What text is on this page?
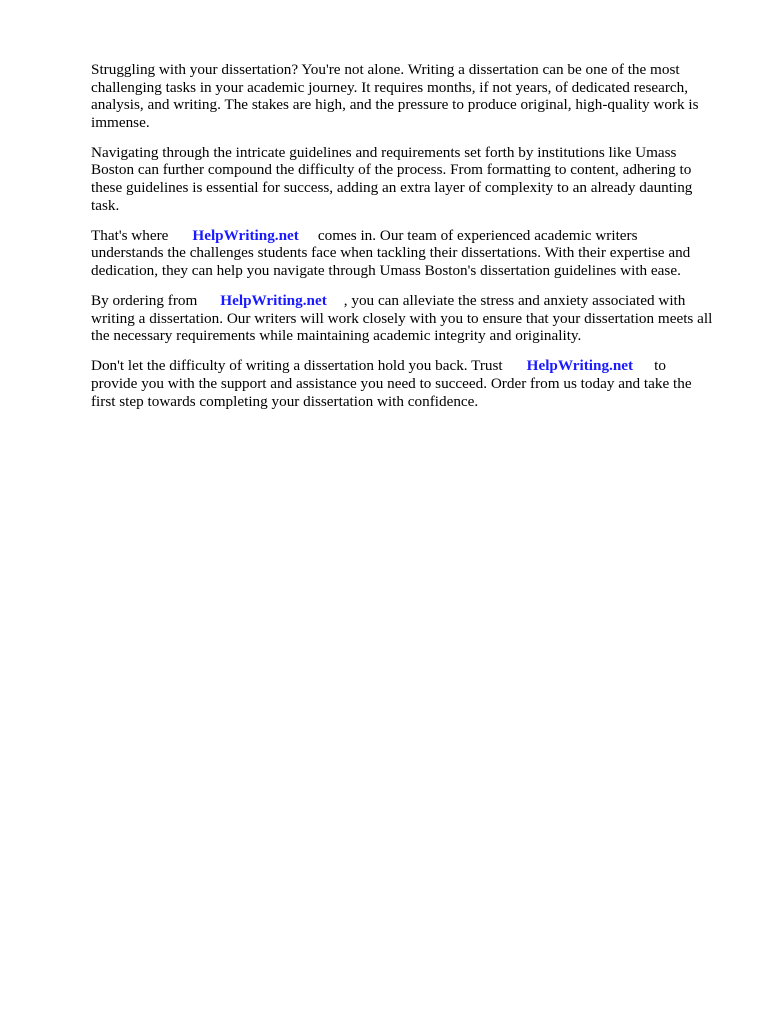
Struggling with your dissertation? You're not alone. Writing a dissertation can be one of the most challenging tasks in your academic journey. It requires months, if not years, of dedicated research, analysis, and writing. The stakes are high, and the pressure to produce original, high-quality work is immense.

Navigating through the intricate guidelines and requirements set forth by institutions like Umass Boston can further compound the difficulty of the process. From formatting to content, adhering to these guidelines is essential for success, adding an extra layer of complexity to an already daunting task.

That's where HelpWriting.net comes in. Our team of experienced academic writers understands the challenges students face when tackling their dissertations. With their expertise and dedication, they can help you navigate through Umass Boston's dissertation guidelines with ease.

By ordering from HelpWriting.net , you can alleviate the stress and anxiety associated with writing a dissertation. Our writers will work closely with you to ensure that your dissertation meets all the necessary requirements while maintaining academic integrity and originality.

Don't let the difficulty of writing a dissertation hold you back. Trust HelpWriting.net to provide you with the support and assistance you need to succeed. Order from us today and take the first step towards completing your dissertation with confidence.
